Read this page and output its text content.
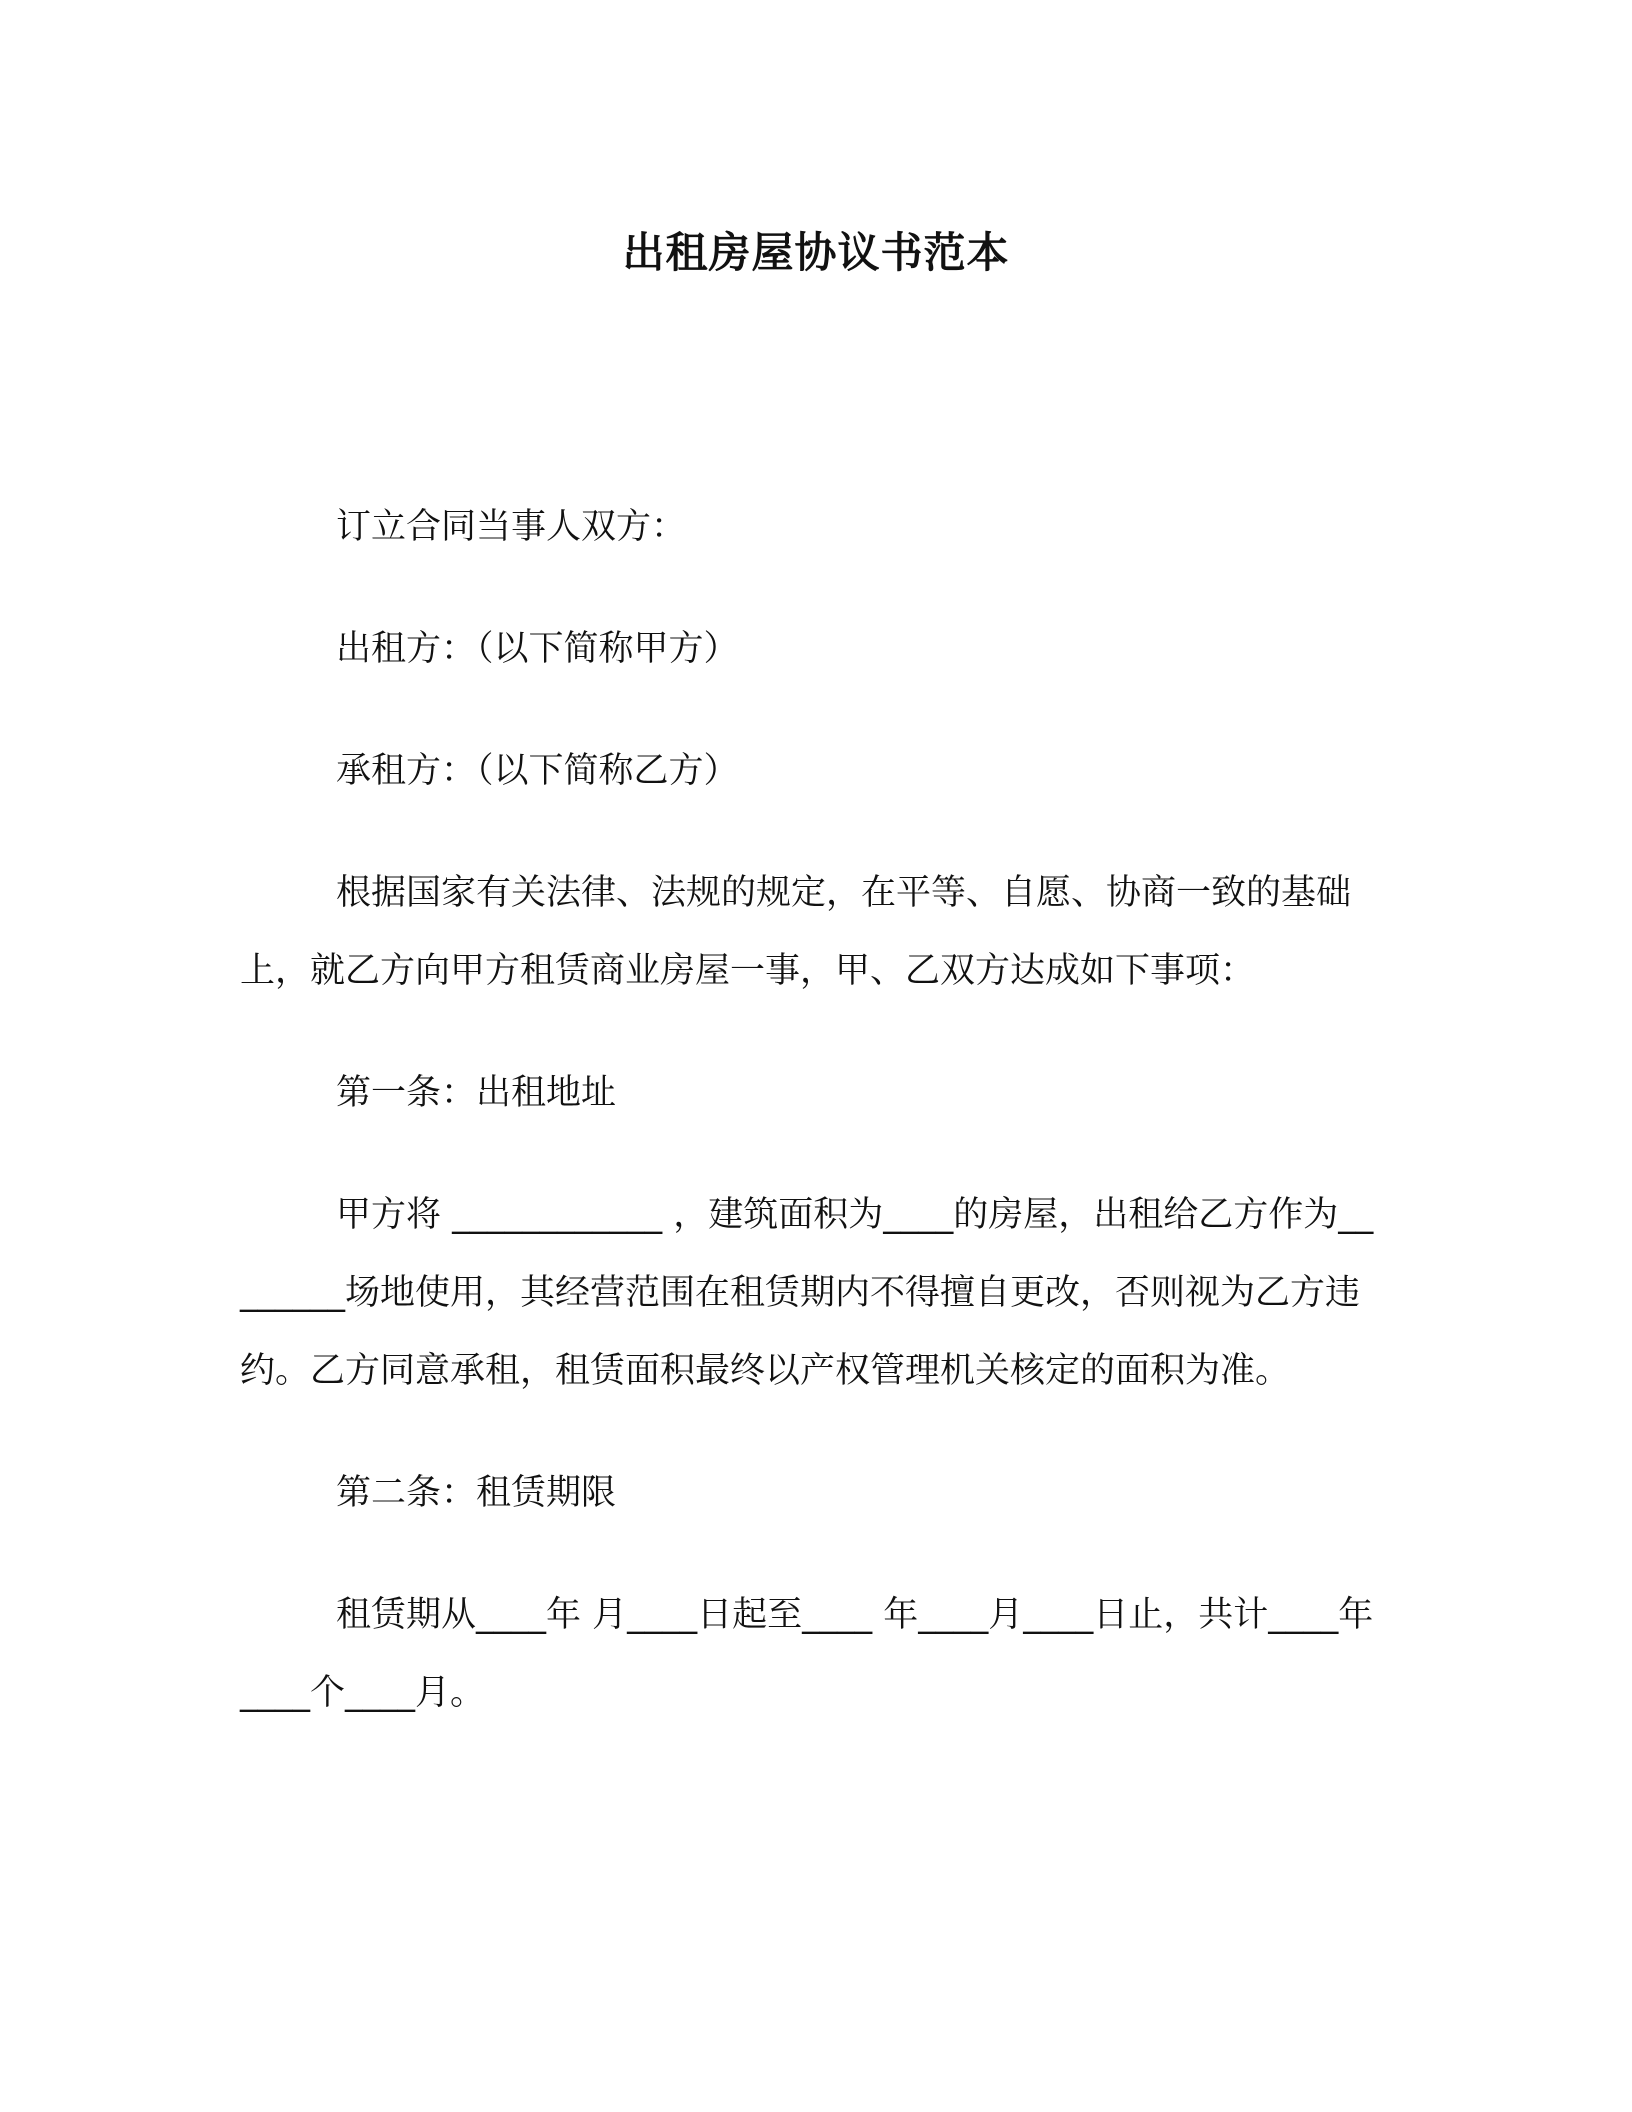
出租房屋协议书范本

订立合同当事人双方：

出租方：（以下简称甲方）

承租方：（以下简称乙方）

根据国家有关法律、法规的规定，在平等、自愿、协商一致的基础上，就乙方向甲方租赁商业房屋一事，甲、乙双方达成如下事项：

第一条：出租地址

甲方将 ____________ ，建筑面积为____的房屋，出租给乙方作为________场地使用，其经营范围在租赁期内不得擅自更改，否则视为乙方违约。乙方同意承租，租赁面积最终以产权管理机关核定的面积为准。

第二条：租赁期限

租赁期从____年 月____日起至____ 年____月____日止，共计____年____个____月。
